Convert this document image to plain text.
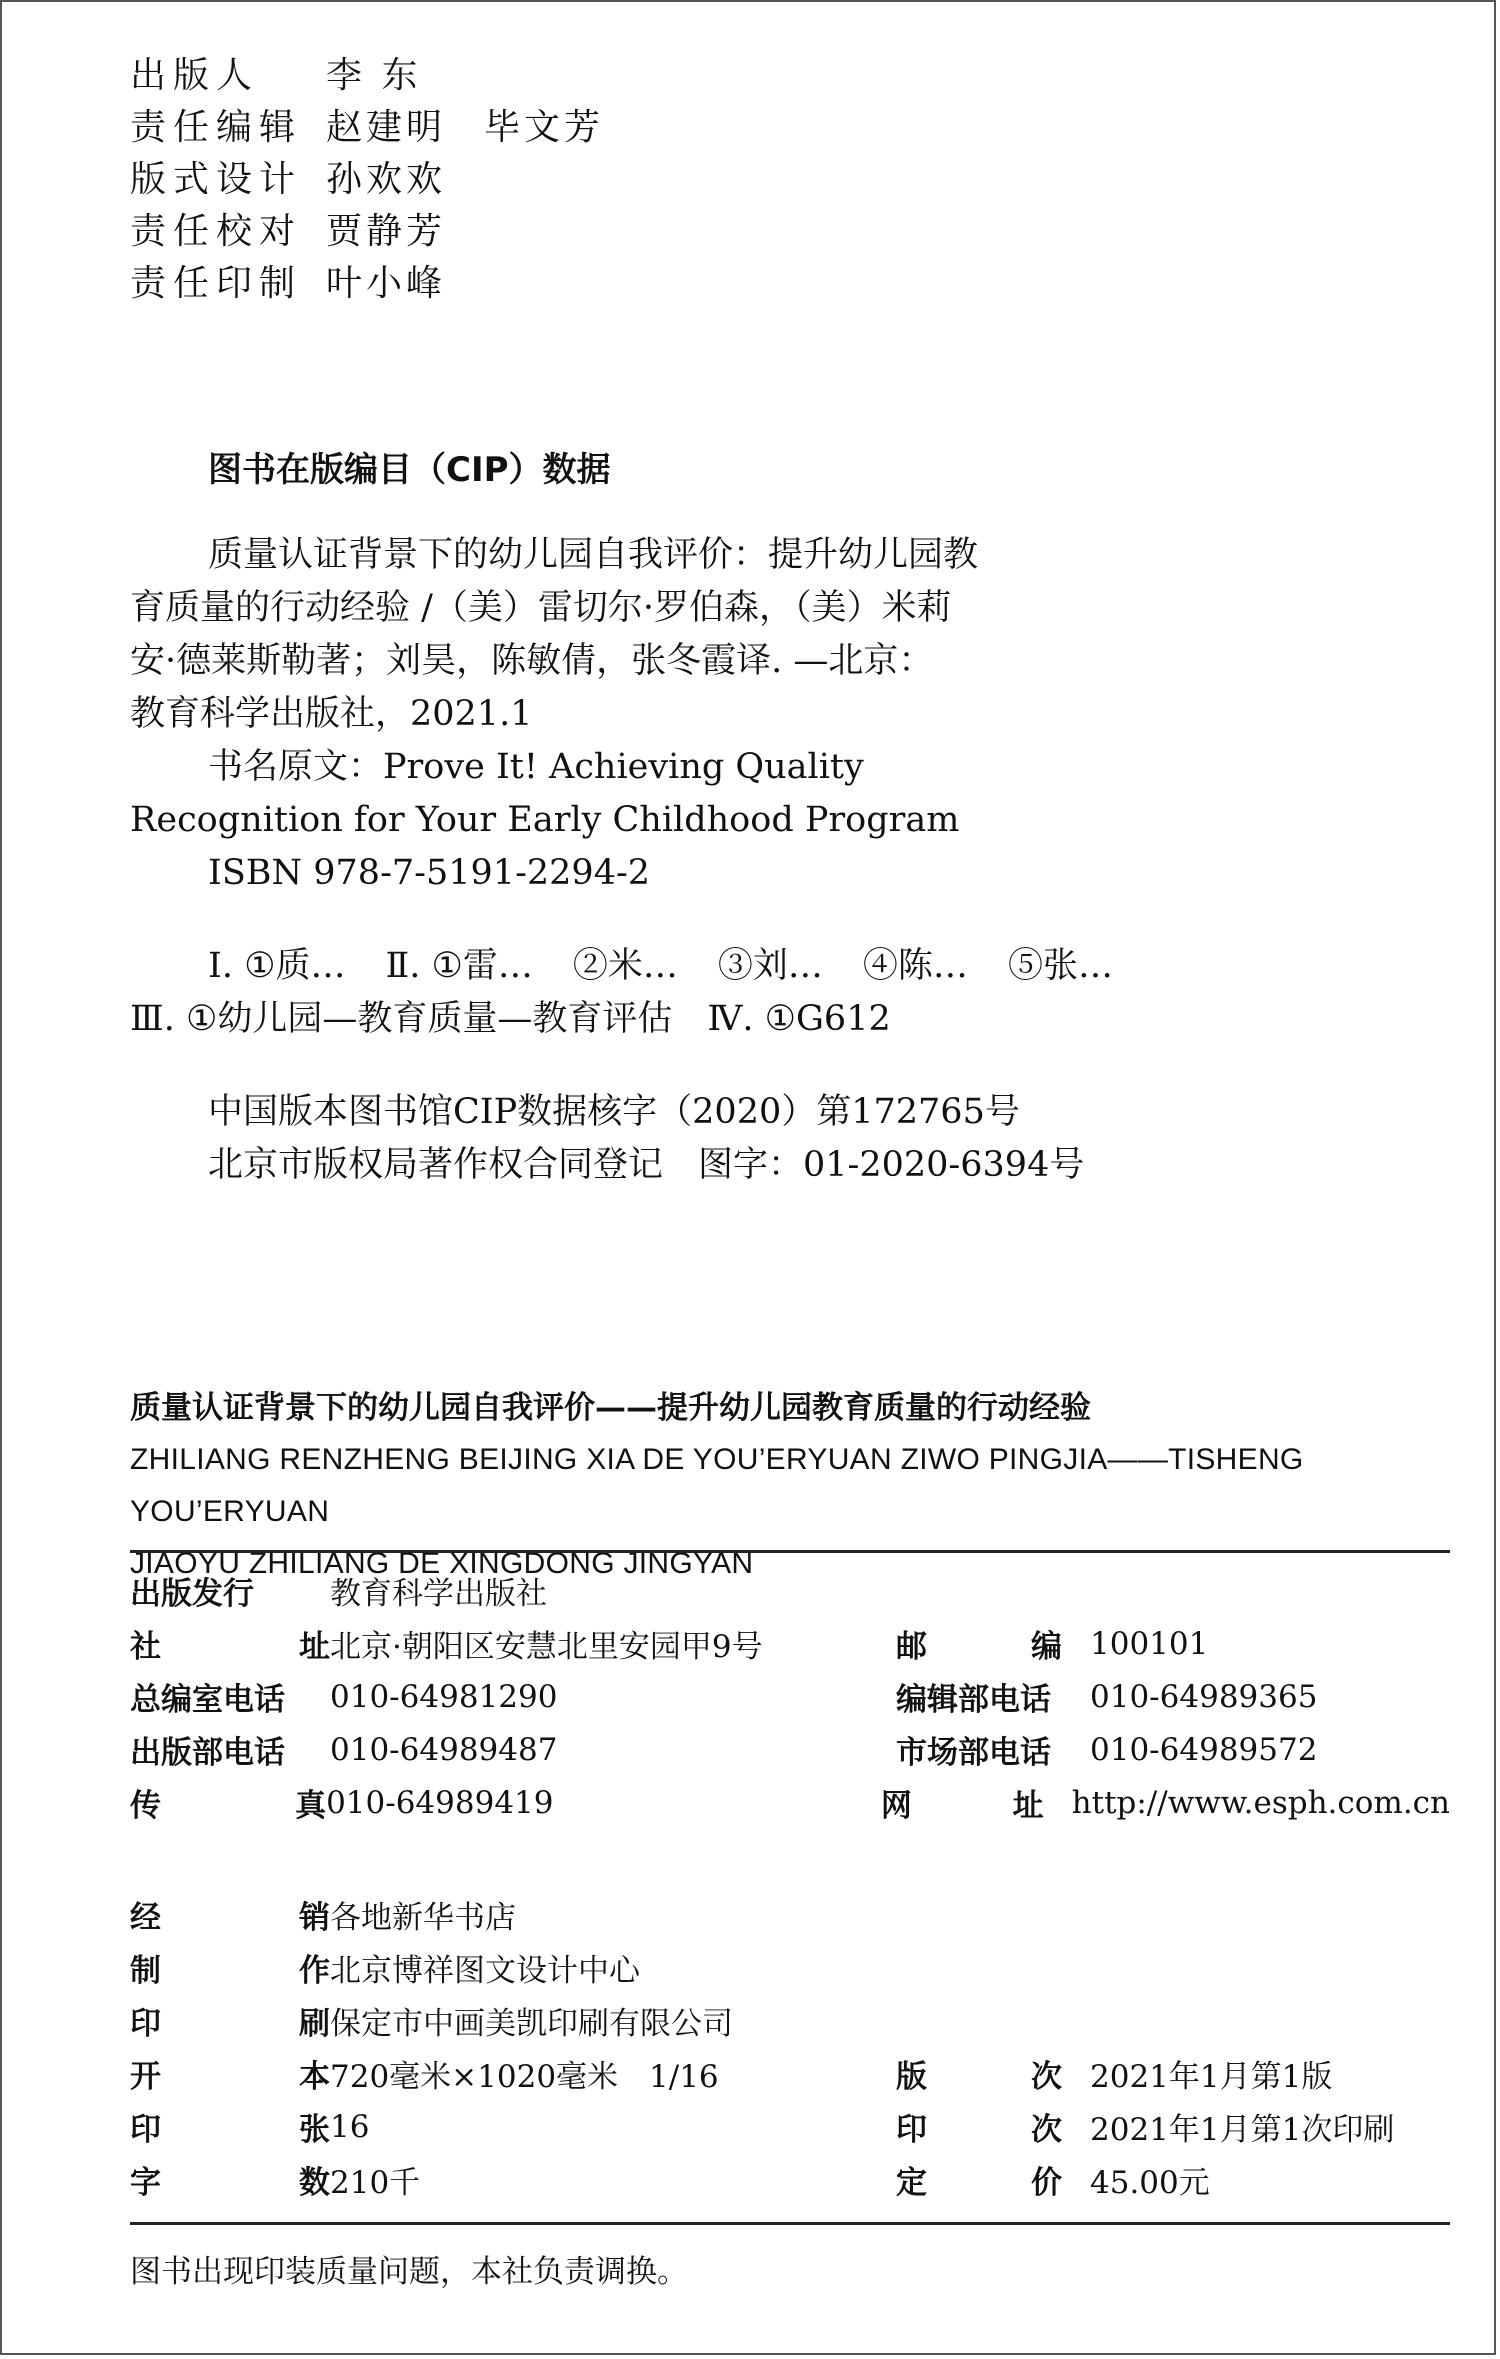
出版人	李 东
责任编辑 赵建明 毕文芳
版式设计 孙欢欢
责任校对 贾静芳
责任印制 叶小峰
图书在版编目（CIP）数据

质量认证背景下的幼儿园自我评价：提升幼儿园教

育质量的行动经验 /（美）雷切尔·罗伯森，（美）米莉

安·德莱斯勒著；刘昊，陈敏倩，张冬霞译. —北京：

教育科学出版社，2021.1

书名原文：Prove It! Achieving Quality

Recognition for Your Early Childhood Program

ISBN 978-7-5191-2294-2

Ⅰ. ①质… Ⅱ. ①雷… ②米… ③刘… ④陈… ⑤张…

Ⅲ. ①幼儿园—教育质量—教育评估　Ⅳ. ①G612

中国版本图书馆CIP数据核字（2020）第172765号

北京市版权局著作权合同登记　图字：01-2020-6394号

质量认证背景下的幼儿园自我评价——提升幼儿园教育质量的行动经验
ZHILIANG RENZHENG BEIJING XIA DE YOU’ERYUAN ZIWO PINGJIA——TISHENG YOU’ERYUAN
JIAOYU ZHILIANG DE XINGDONG JINGYAN
出版发行	教育科学出版社
社	址 北京·朝阳区安慧北里安园甲9号	邮	编 100101
总编室电话	010-64981290	编辑部电话	010-64989365
出版部电话	010-64989487	市场部电话	010-64989572
传	真 010-64989419	网	址 http://www.esph.com.cn
经	销 各地新华书店
制	作 北京博祥图文设计中心
印	刷 保定市中画美凯印刷有限公司
开	本 720毫米×1020毫米　1/16	版	次 2021年1月第1版
印	张 16	印	次 2021年1月第1次印刷
字	数 210千	定	价 45.00元
图书出现印装质量问题，本社负责调换。
